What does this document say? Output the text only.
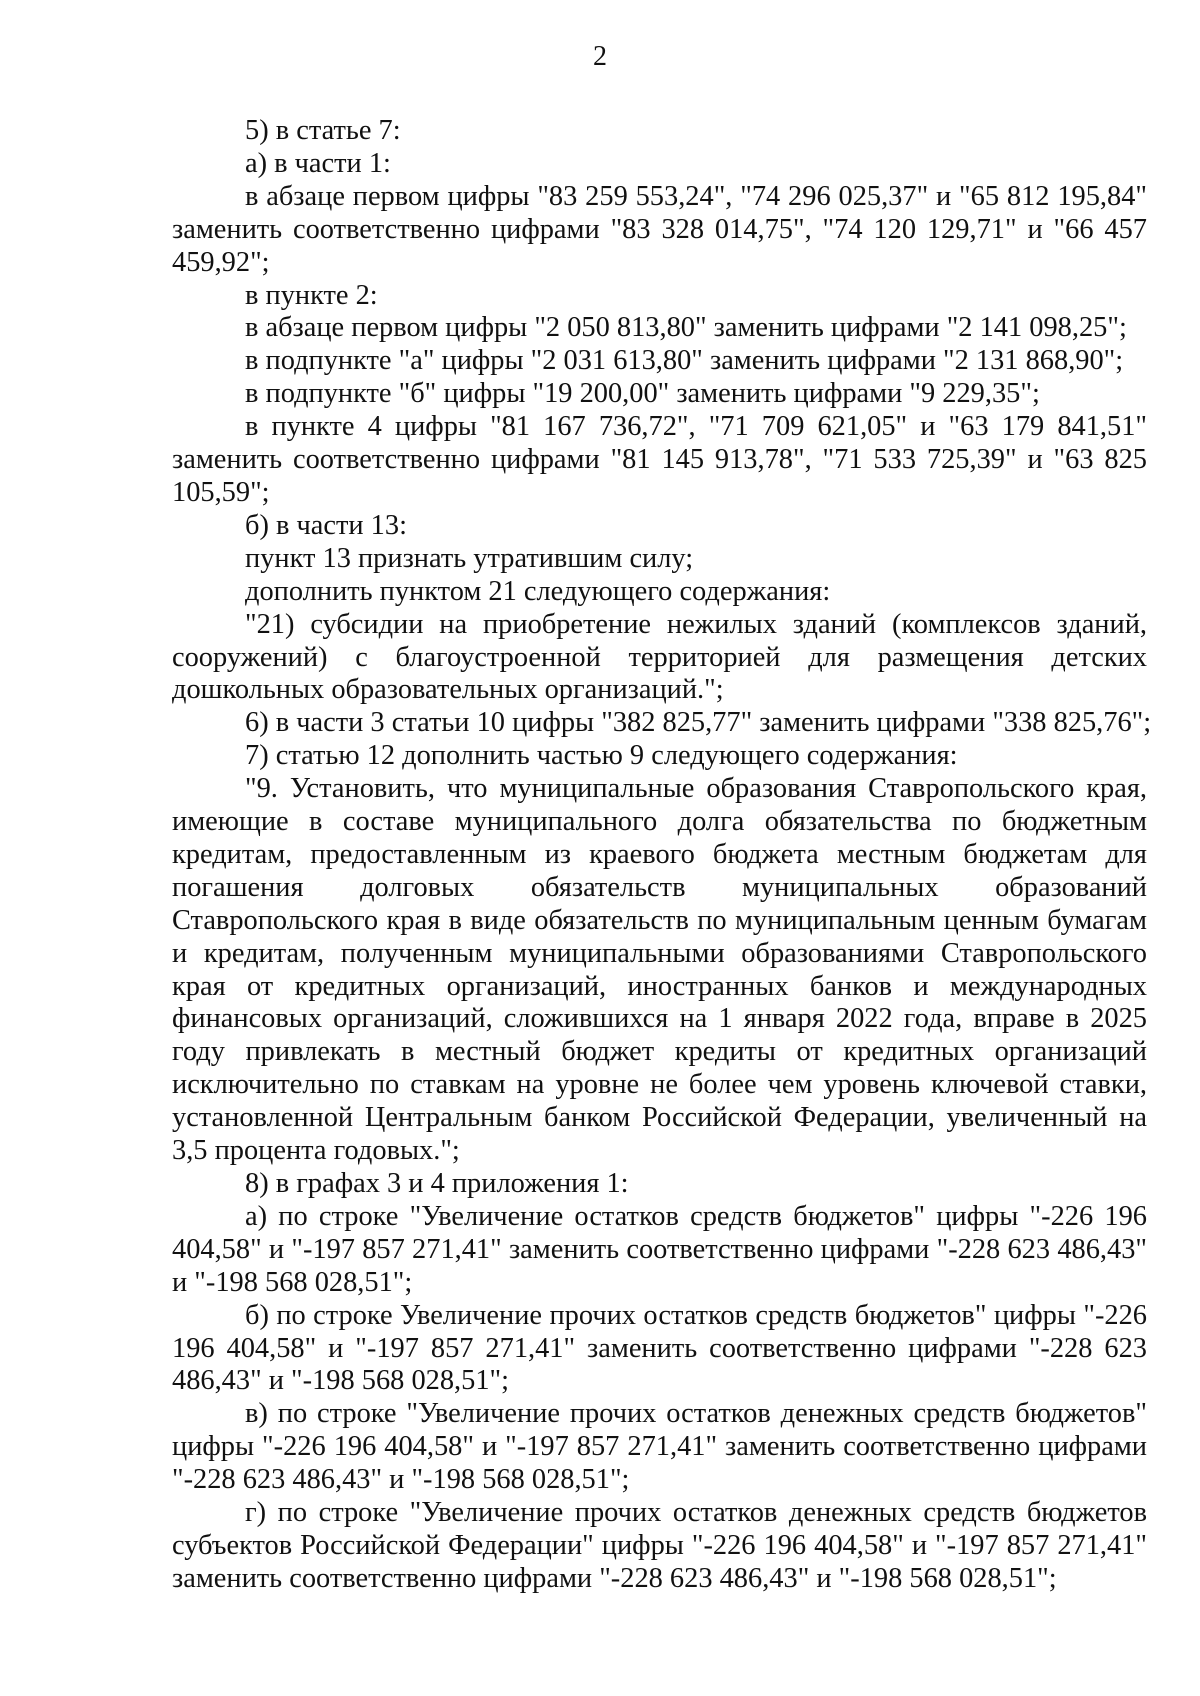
2

5) в статье 7:

а) в части 1:

в абзаце первом цифры "83 259 553,24", "74 296 025,37" и "65 812 195,84" заменить соответственно цифрами "83 328 014,75", "74 120 129,71" и "66 457 459,92";

в пункте 2:

в абзаце первом цифры "2 050 813,80" заменить цифрами "2 141 098,25";

в подпункте "а" цифры "2 031 613,80" заменить цифрами "2 131 868,90";

в подпункте "б" цифры "19 200,00" заменить цифрами "9 229,35";

в пункте 4 цифры "81 167 736,72", "71 709 621,05" и "63 179 841,51" заменить соответственно цифрами "81 145 913,78", "71 533 725,39" и "63 825 105,59";

б) в части 13:

пункт 13 признать утратившим силу;

дополнить пунктом 21 следующего содержания:

"21) субсидии на приобретение нежилых зданий (комплексов зданий, сооружений) с благоустроенной территорией для размещения детских дошкольных образовательных организаций.";

6) в части 3 статьи 10 цифры "382 825,77" заменить цифрами "338 825,76";

7) статью 12 дополнить частью 9 следующего содержания:

"9. Установить, что муниципальные образования Ставропольского края, имеющие в составе муниципального долга обязательства по бюджетным кредитам, предоставленным из краевого бюджета местным бюджетам для погашения долговых обязательств муниципальных образований Ставропольского края в виде обязательств по муниципальным ценным бумагам и кредитам, полученным муниципальными образованиями Ставропольского края от кредитных организаций, иностранных банков и международных финансовых организаций, сложившихся на 1 января 2022 года, вправе в 2025 году привлекать в местный бюджет кредиты от кредитных организаций исключительно по ставкам на уровне не более чем уровень ключевой ставки, установленной Центральным банком Российской Федерации, увеличенный на 3,5 процента годовых.";

8) в графах 3 и 4 приложения 1:

а) по строке "Увеличение остатков средств бюджетов" цифры "-226 196 404,58" и "-197 857 271,41" заменить соответственно цифрами "-228 623 486,43" и "-198 568 028,51";

б) по строке Увеличение прочих остатков средств бюджетов" цифры "-226 196 404,58" и "-197 857 271,41" заменить соответственно цифрами "-228 623 486,43" и "-198 568 028,51";

в) по строке "Увеличение прочих остатков денежных средств бюджетов" цифры "-226 196 404,58" и "-197 857 271,41" заменить соответственно цифрами "-228 623 486,43" и "-198 568 028,51";

г) по строке "Увеличение прочих остатков денежных средств бюджетов субъектов Российской Федерации" цифры "-226 196 404,58" и "-197 857 271,41" заменить соответственно цифрами "-228 623 486,43" и "-198 568 028,51";
